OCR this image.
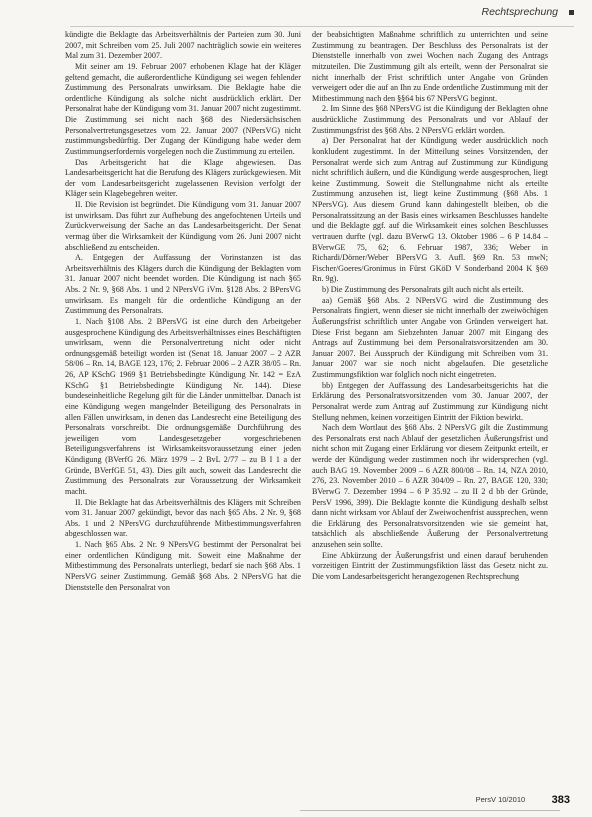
Rechtsprechung

kündigte die Beklagte das Arbeitsverhältnis der Parteien zum 30. Juni 2007, mit Schreiben vom 25. Juli 2007 nachträglich sowie ein weiteres Mal zum 31. Dezember 2007.

Mit seiner am 19. Februar 2007 erhobenen Klage hat der Kläger geltend gemacht, die außerordentliche Kündigung sei wegen fehlender Zustimmung des Personalrats unwirksam. Die Beklagte habe die ordentliche Kündigung als solche nicht ausdrücklich erklärt. Der Personalrat habe der Kündigung vom 31. Januar 2007 nicht zugestimmt. Die Zustimmung sei nicht nach §68 des Niedersächsischen Personalvertretungsgesetzes vom 22. Januar 2007 (NPersVG) nicht zustimmungsbedürftig. Der Zugang der Kündigung habe weder dem Zustimmungserfordernis vorgelegen noch die Zustimmung zu erteilen.

Das Arbeitsgericht hat die Klage abgewiesen. Das Landesarbeitsgericht hat die Berufung des Klägers zurückgewiesen. Mit der vom Landesarbeitsgericht zugelassenen Revision verfolgt der Kläger sein Klagebegehren weiter.

II. Die Revision ist begründet. Die Kündigung vom 31. Januar 2007 ist unwirksam. Das führt zur Aufhebung des angefochtenen Urteils und Zurückverweisung der Sache an das Landesarbeitsgericht. Der Senat vermag über die Wirksamkeit der Kündigung vom 26. Juni 2007 nicht abschließend zu entscheiden.

A. Entgegen der Auffassung der Vorinstanzen ist das Arbeitsverhältnis des Klägers durch die Kündigung der Beklagten vom 31. Januar 2007 nicht beendet worden. Die Kündigung ist nach §65 Abs. 2 Nr. 9, §68 Abs. 1 und 2 NPersVG iVm. §128 Abs. 2 BPersVG unwirksam. Es mangelt für die ordentliche Kündigung an der Zustimmung des Personalrats.

1. Nach §108 Abs. 2 BPersVG ist eine durch den Arbeitgeber ausgesprochene Kündigung des Arbeitsverhältnisses eines Beschäftigten unwirksam, wenn die Personalvertretung nicht oder nicht ordnungsgemäß beteiligt worden ist (Senat 18. Januar 2007 – 2 AZR 58/06 – Rn. 14, BAGE 123, 176; 2. Februar 2006 – 2 AZR 38/05 – Rn. 26, AP KSchG 1969 §1 Betriebsbedingte Kündigung Nr. 142 = EzA KSchG §1 Betriebsbedingte Kündigung Nr. 144). Diese bundeseinheitliche Regelung gilt für die Länder unmittelbar. Danach ist eine Kündigung wegen mangelnder Beteiligung des Personalrats in allen Fällen unwirksam, in denen das Landesrecht eine Beteiligung des Personalrats vorschreibt. Die ordnungsgemäße Durchführung des jeweiligen vom Landesgesetzgeber vorgeschriebenen Beteiligungsverfahrens ist Wirksamkeitsvoraussetzung einer jeden Kündigung (BVerfG 26. März 1979 – 2 BvL 2/77 – zu B I 1 a der Gründe, BVerfGE 51, 43). Dies gilt auch, soweit das Landesrecht die Zustimmung des Personalrats zur Voraussetzung der Wirksamkeit macht.

II. Die Beklagte hat das Arbeitsverhältnis des Klägers mit Schreiben vom 31. Januar 2007 gekündigt, bevor das nach §65 Abs. 2 Nr. 9, §68 Abs. 1 und 2 NPersVG durchzuführende Mitbestimmungsverfahren abgeschlossen war.

1. Nach §65 Abs. 2 Nr. 9 NPersVG bestimmt der Personalrat bei einer ordentlichen Kündigung mit. Soweit eine Maßnahme der Mitbestimmung des Personalrats unterliegt, bedarf sie nach §68 Abs. 1 NPersVG seiner Zustimmung. Gemäß §68 Abs. 2 NPersVG hat die Dienststelle den Personalrat von

der beabsichtigten Maßnahme schriftlich zu unterrichten und seine Zustimmung zu beantragen. Der Beschluss des Personalrats ist der Dienststelle innerhalb von zwei Wochen nach Zugang des Antrags mitzuteilen. Die Zustimmung gilt als erteilt, wenn der Personalrat sie nicht innerhalb der Frist schriftlich unter Angabe von Gründen verweigert oder die auf an Ihn zu Ende ordentliche Zustimmung mit der Mitbestimmung nach den §§64 bis 67 NPersVG beginnt.

2. Im Sinne des §68 NPersVG ist die Kündigung der Beklagten ohne ausdrückliche Zustimmung des Personalrats und vor Ablauf der Zustimmungsfrist des §68 Abs. 2 NPersVG erklärt worden.

a) Der Personalrat hat der Kündigung weder ausdrücklich noch konkludent zugestimmt. In der Mitteilung seines Vorsitzenden, der Personalrat werde sich zum Antrag auf Zustimmung zur Kündigung nicht schriftlich äußern, und die Kündigung werde ausgesprochen, liegt keine Zustimmung. Soweit die Stellungnahme nicht als erteilte Zustimmung anzusehen ist, liegt keine Zustimmung (§68 Abs. 1 NPersVG). Aus diesem Grund kann dahingestellt bleiben, ob die Personalratssitzung an der Basis eines wirksamen Beschlusses handelte und die Beklagte ggf. auf die Wirksamkeit eines solchen Beschlusses vertrauen durfte (vgl. dazu BVerwG 13. Oktober 1986 – 6 P 14.84 – BVerwGE 75, 62; 6. Februar 1987, 336; Weber in Richardi/Dörner/Weber BPersVG 3. Aufl. §69 Rn. 53 mwN; Fischer/Goeres/Gronimus in Fürst GKöD V Sonderband 2004 K §69 Rn. 9g).

b) Die Zustimmung des Personalrats gilt auch nicht als erteilt.

aa) Gemäß §68 Abs. 2 NPersVG wird die Zustimmung des Personalrats fingiert, wenn dieser sie nicht innerhalb der zweiwöchigen Äußerungsfrist schriftlich unter Angabe von Gründen verweigert hat. Diese Frist begann am Siebzehnten Januar 2007 mit Eingang des Antrags auf Zustimmung bei dem Personalratsvorsitzenden am 30. Januar 2007. Bei Ausspruch der Kündigung mit Schreiben vom 31. Januar 2007 war sie noch nicht abgelaufen. Die gesetzliche Zustimmungsfiktion war folglich noch nicht eingetreten.

bb) Entgegen der Auffassung des Landesarbeitsgerichts hat die Erklärung des Personalratsvorsitzenden vom 30. Januar 2007, der Personalrat werde zum Antrag auf Zustimmung zur Kündigung nicht Stellung nehmen, keinen vorzeitigen Eintritt der Fiktion bewirkt.

Nach dem Wortlaut des §68 Abs. 2 NPersVG gilt die Zustimmung des Personalrats erst nach Ablauf der gesetzlichen Äußerungsfrist und nicht schon mit Zugang einer Erklärung vor diesem Zeitpunkt erteilt, er werde der Kündigung weder zustimmen noch ihr widersprechen (vgl. auch BAG 19. November 2009 – 6 AZR 800/08 – Rn. 14, NZA 2010, 276, 23. November 2010 – 6 AZR 304/09 – Rn. 27, BAGE 120, 330; BVerwG 7. Dezember 1994 – 6 P 35.92 – zu II 2 d bb der Gründe, PersV 1996, 399). Die Beklagte konnte die Kündigung deshalb selbst dann nicht wirksam vor Ablauf der Zweiwochenfrist aussprechen, wenn die Erklärung des Personalratsvorsitzenden wie sie gemeint hat, tatsächlich als abschließende Äußerung der Personalvertretung anzusehen sein sollte.

Eine Abkürzung der Äußerungsfrist und einen darauf beruhenden vorzeitigen Eintritt der Zustimmungsfiktion lässt das Gesetz nicht zu. Die vom Landesarbeitsgericht herangezogenen Rechtsprechung

PersV 10/2010 383
